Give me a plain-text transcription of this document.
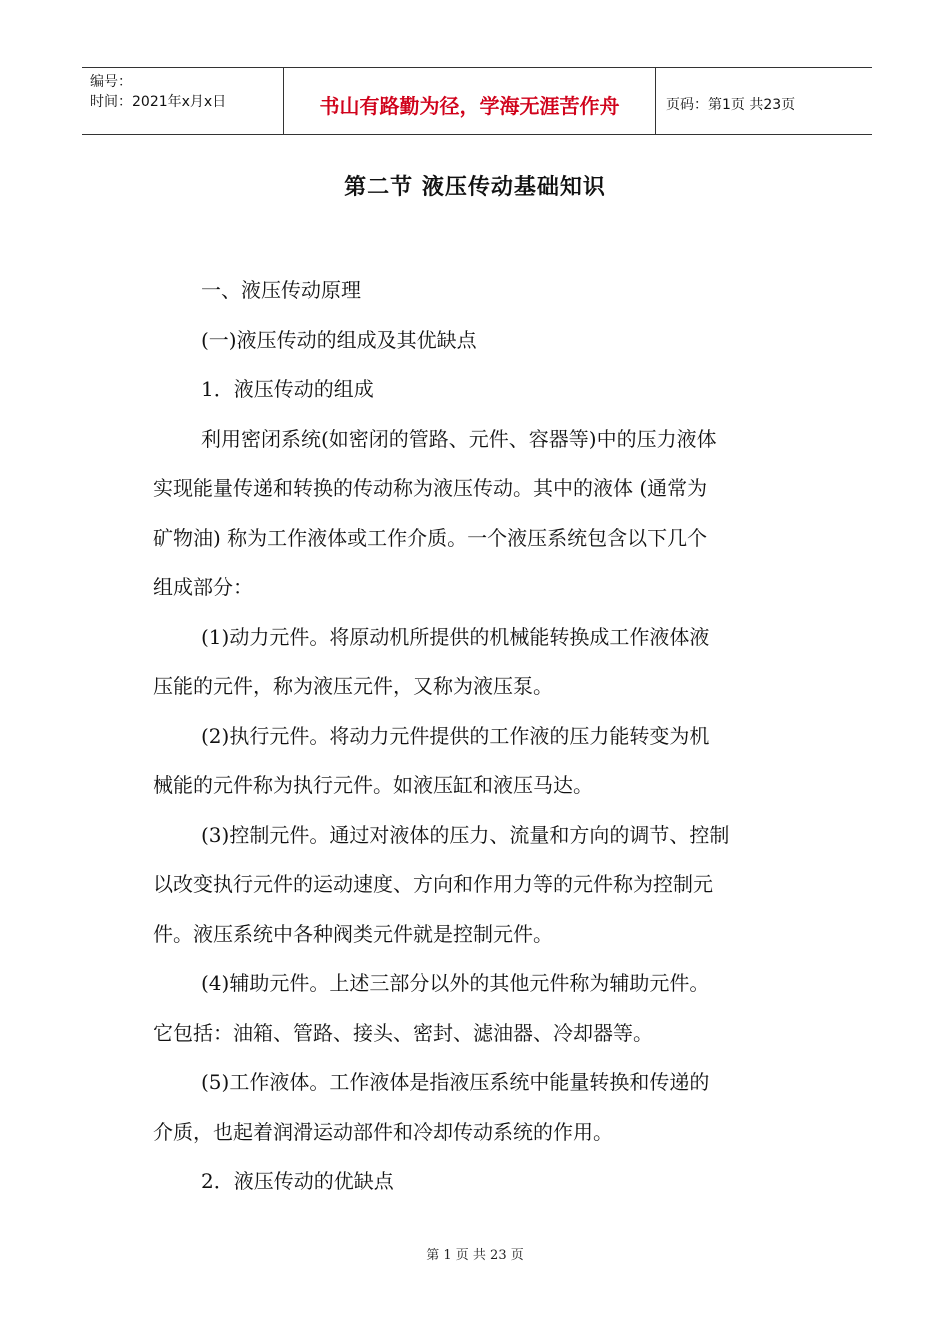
编号：
时间：2021年x月x日	书山有路勤为径，学海无涯苦作舟	页码：第1页 共23页
第二节 液压传动基础知识

一、液压传动原理

(一)液压传动的组成及其优缺点

1．液压传动的组成

利用密闭系统(如密闭的管路、元件、容器等)中的压力液体

实现能量传递和转换的传动称为液压传动。其中的液体 (通常为

矿物油) 称为工作液体或工作介质。一个液压系统包含以下几个

组成部分：

(1)动力元件。将原动机所提供的机械能转换成工作液体液

压能的元件，称为液压元件，又称为液压泵。

(2)执行元件。将动力元件提供的工作液的压力能转变为机

械能的元件称为执行元件。如液压缸和液压马达。

(3)控制元件。通过对液体的压力、流量和方向的调节、控制

以改变执行元件的运动速度、方向和作用力等的元件称为控制元

件。液压系统中各种阀类元件就是控制元件。

(4)辅助元件。上述三部分以外的其他元件称为辅助元件。

它包括：油箱、管路、接头、密封、滤油器、冷却器等。

(5)工作液体。工作液体是指液压系统中能量转换和传递的

介质，也起着润滑运动部件和冷却传动系统的作用。

2．液压传动的优缺点

第 1 页 共 23 页
